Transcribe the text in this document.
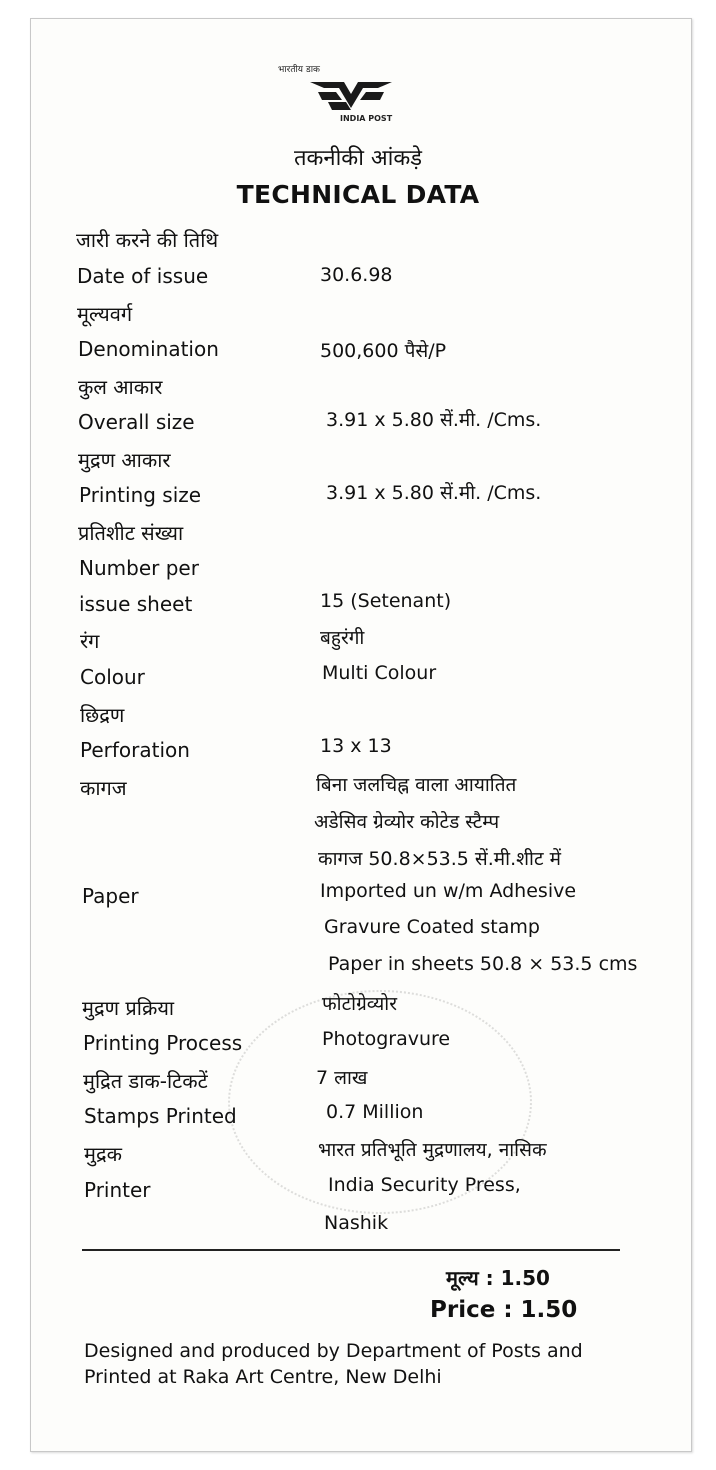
भारतीय डाक
INDIA POST
तकनीकी आंकड़े
TECHNICAL DATA
जारी करने की तिथि
Date of issue	30.6.98
मूल्यवर्ग
Denomination	500,600 पैसे/P
कुल आकार
Overall size	3.91 x 5.80 सें.मी. /Cms.
मुद्रण आकार
Printing size	3.91 x 5.80 सें.मी. /Cms.
प्रतिशीट संख्या
Number per
issue sheet	15 (Setenant)
रंग	बहुरंगी
Colour	Multi Colour
छिद्रण
Perforation	13 x 13
कागज	बिना जलचिह्न वाला आयातित
अडेसिव ग्रेव्योर कोटेड स्टैम्प
कागज 50.8×53.5 सें.मी.शीट में
Paper	Imported un w/m Adhesive
Gravure Coated stamp
Paper in sheets 50.8 × 53.5 cms
मुद्रण प्रक्रिया	फोटोग्रेव्योर
Printing Process	Photogravure
मुद्रित डाक-टिकटें	7 लाख
Stamps Printed	0.7 Million
मुद्रक	भारत प्रतिभूति मुद्रणालय, नासिक
Printer	India Security Press,
Nashik
मूल्य : 1.50
Price : 1.50
Designed and produced by Department of Posts and
Printed at Raka Art Centre, New Delhi
